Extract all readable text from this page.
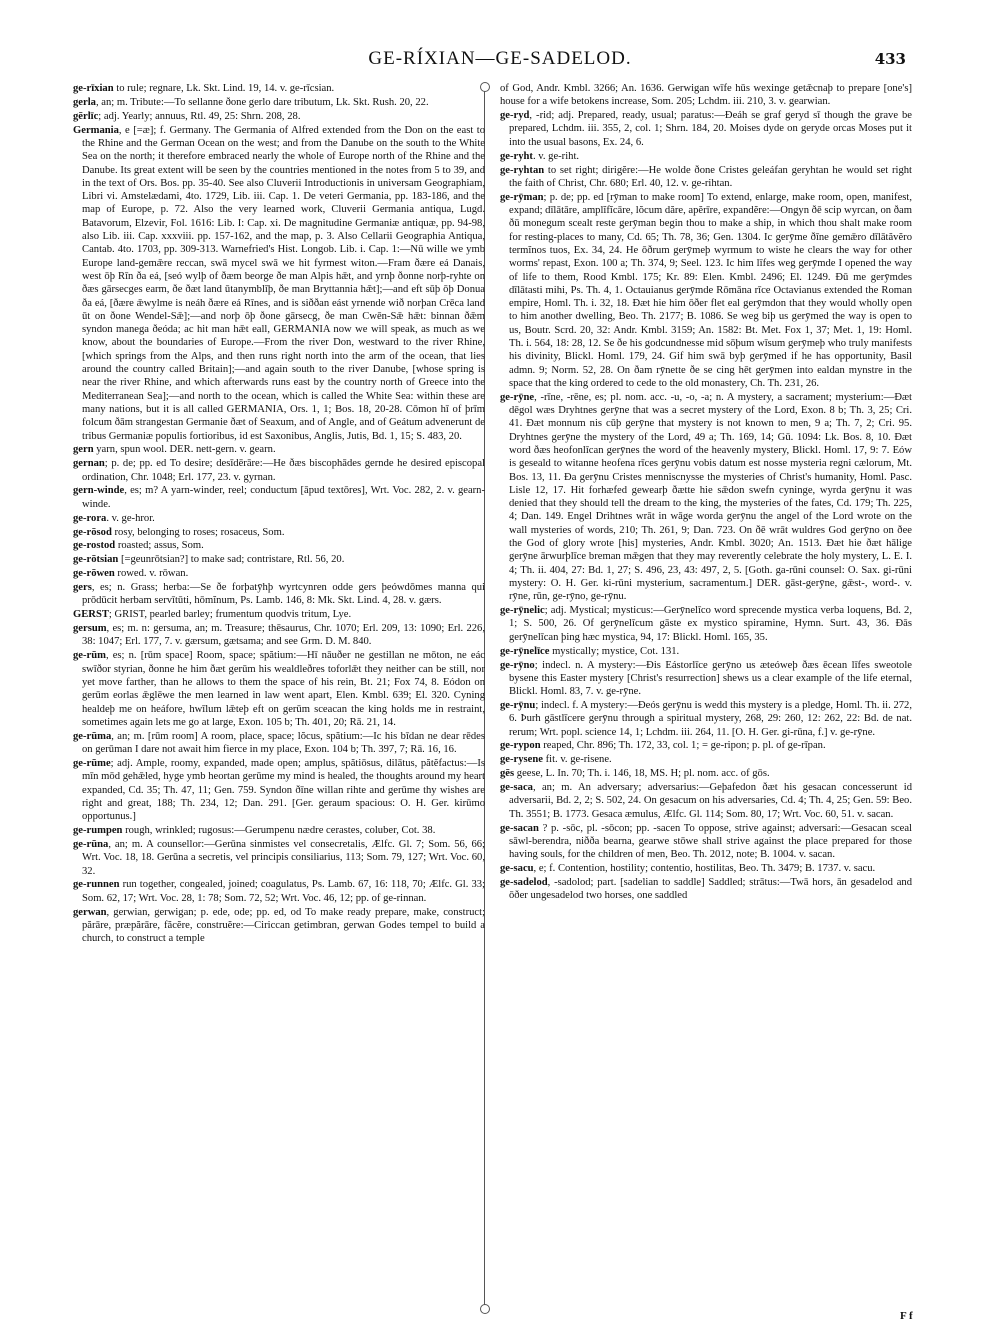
GE-RÍXIAN—GE-SADELOD.	433

ge-rīxian to rule; regnare, Lk. Skt. Lind. 19, 14. v. ge-rīcsian.

gerla, an; m. Tribute:—To sellanne ðone gerlo dare tributum, Lk. Skt. Rush. 20, 22.

gērlīc; adj. Yearly; annuus, Rtl. 49, 25: Shrn. 208, 28.

Germania, e [=æ]; f. Germany. The Germania of Alfred extended from the Don on the east to the Rhine and the German Ocean on the west; and from the Danube on the south to the White Sea on the north; it therefore embraced nearly the whole of Europe north of the Rhine and the Danube. Its great extent will be seen by the countries mentioned in the notes from 5 to 39, and in the text of Ors. Bos. pp. 35-40. See also Cluverii Introductionis in universam Geographiam, Libri vi. Amstelædami, 4to. 1729, Lib. iii. Cap. 1. De veteri Germania, pp. 183-186, and the map of Europe, p. 72. Also the very learned work, Cluverii Germania antiqua, Lugd. Batavorum, Elzevir, Fol. 1616: Lib. I: Cap. xi. De magnitudine Germaniæ antiquæ, pp. 94-98, also Lib. iii. Cap. xxxviii. pp. 157-162, and the map, p. 3. Also Cellarii Geographia Antiqua, Cantab. 4to. 1703, pp. 309-313. Warnefried's Hist. Longob. Lib. i. Cap. 1:—Nū wille we ymb Europe land-gemǣre reccan, swā mycel swā we hit fyrmest witon.—Fram ðære eá Danais, west ōþ Rīn ða eá, [seó wylþ of ðæm beorge ðe man Alpis hǣt, and yrnþ ðonne norþ-ryhte on ðæs gārsecges earm, ðe ðæt land ūtanymblīþ, ðe man Bryttannia hǣt];—and eft sūþ ōþ Donua ða eá, [ðære ǣwylme is neáh ðære eá Rīnes, and is siððan eást yrnende wið norþan Crēca land ūt on ðone Wendel-Sǣ];—and norþ ōþ ðone gārsecg, ðe man Cwēn-Sǣ hǣt: binnan ðǣm syndon manega ðeóda; ac hit man hǣt eall, GERMANIA now we will speak, as much as we know, about the boundaries of Europe.—From the river Don, westward to the river Rhine, [which springs from the Alps, and then runs right north into the arm of the ocean, that lies around the country called Britain];—and again south to the river Danube, [whose spring is near the river Rhine, and which afterwards runs east by the country north of Greece into the Mediterranean Sea];—and north to the ocean, which is called the White Sea: within these are many nations, but it is all called GERMANIA, Ors. 1, 1; Bos. 18, 20-28. Cōmon hī of þrīm folcum ðām strangestan Germanie ðæt of Seaxum, and of Angle, and of Geátum advenerunt de tribus Germaniæ populis fortioribus, id est Saxonibus, Anglis, Jutis, Bd. 1, 15; S. 483, 20.

gern yarn, spun wool. DER. nett-gern. v. gearn.

gernan; p. de; pp. ed To desire; desīdērāre:—He ðæs biscophādes gernde he desired episcopal ordination, Chr. 1048; Erl. 177, 23. v. gyrnan.

gern-winde, es; m? A yarn-winder, reel; conductum [āpud textōres], Wrt. Voc. 282, 2. v. gearn-winde.

ge-rora. v. ge-hror.

ge-rōsod rosy, belonging to roses; rosaceus, Som.

ge-rostod roasted; assus, Som.

ge-rōtsian [=geunrōtsian?] to make sad; contristare, Rtl. 56, 20.

ge-rōwen rowed. v. rōwan.

gers, es; n. Grass; herba:—Se ðe forþatȳhþ wyrtcynren odde gers þeówdōmes manna qui prōdūcit herbam servītūti, hōmĭnum, Ps. Lamb. 146, 8: Mk. Skt. Lind. 4, 28. v. gærs.

GERST; GRIST, pearled barley; frumentum quodvis tritum, Lye.

gersum, es; m. n: gersuma, an; m. Treasure; thēsaurus, Chr. 1070; Erl. 209, 13: 1090; Erl. 226, 38: 1047; Erl. 177, 7. v. gærsum, gætsama; and see Grm. D. M. 840.

ge-rūm, es; n. [rūm space] Room, space; spătium:—Hī nāuðer ne gestillan ne mōton, ne eác swīðor styrian, ðonne he him ðæt gerūm his wealdleðres toforlǣt they neither can be still, nor yet move farther, than he allows to them the space of his rein, Bt. 21; Fox 74, 8. Eódon on gerūm eorlas ǣglēwe the men learned in law went apart, Elen. Kmbl. 639; El. 320. Cyning healdeþ me on heáfore, hwīlum lǣteþ eft on gerūm sceacan the king holds me in restraint, sometimes again lets me go at large, Exon. 105 b; Th. 401, 20; Rā. 21, 14.

ge-rūma, an; m. [rūm room] A room, place, space; lŏcus, spătium:—Ic his bīdan ne dear rēdes on gerūman I dare not await him fierce in my place, Exon. 104 b; Th. 397, 7; Rā. 16, 16.

ge-rūme; adj. Ample, roomy, expanded, made open; amplus, spătiōsus, dilātus, pătĕfactus:—Is mīn mōd gehǣled, hyge ymb heortan gerūme my mind is healed, the thoughts around my heart expanded, Cd. 35; Th. 47, 11; Gen. 759. Syndon ðīne willan rihte and gerūme thy wishes are right and great, 188; Th. 234, 12; Dan. 291. [Ger. geraum spacious: O. H. Ger. kirūmo opportunus.]

ge-rumpen rough, wrinkled; rugosus:—Gerumpenu nædre cerastes, coluber, Cot. 38.

ge-rūna, an; m. A counsellor:—Gerūna sinmistes vel consecretalis, Ælfc. Gl. 7; Som. 56, 66; Wrt. Voc. 18, 18. Gerūna a secretis, vel principis consiliarius, 113; Som. 79, 127; Wrt. Voc. 60, 32.

ge-runnen run together, congealed, joined; coagulatus, Ps. Lamb. 67, 16: 118, 70; Ælfc. Gl. 33; Som. 62, 17; Wrt. Voc. 28, 1: 78; Som. 72, 52; Wrt. Voc. 46, 12; pp. of ge-rinnan.

gerwan, gerwian, gerwigan; p. ede, ode; pp. ed, od To make ready prepare, make, construct; părāre, præpărāre, făcĕre, construĕre:—Ciriccan getimbran, gerwan Godes tempel to build a church, to construct a temple

of God, Andr. Kmbl. 3266; An. 1636. Gerwigan wīfe hūs wexinge getǣcnaþ to prepare [one's] house for a wife betokens increase, Som. 205; Lchdm. iii. 210, 3. v. gearwian.

ge-ryd, -rid; adj. Prepared, ready, usual; paratus:—Ðeáh se graf geryd sī though the grave be prepared, Lchdm. iii. 355, 2, col. 1; Shrn. 184, 20. Moises dyde on geryde orcas Moses put it into the usual basons, Ex. 24, 6.

ge-ryht. v. ge-riht.

ge-ryhtan to set right; dirigĕre:—He wolde ðone Cristes geleáfan geryhtan he would set right the faith of Christ, Chr. 680; Erl. 40, 12. v. ge-rihtan.

ge-rȳman; p. de; pp. ed [rȳman to make room] To extend, enlarge, make room, open, manifest, expand; dīlātāre, amplĭfĭcāre, lŏcum dăre, apĕrīre, expandĕre:—Ongyn ðē scip wyrcan, on ðam ðū monegum scealt reste gerȳman begin thou to make a ship, in which thou shalt make room for resting-places to many, Cd. 65; Th. 78, 36; Gen. 1304. Ic gerȳme ðīne gemǣro dīlātăvĕro termĭnos tuos, Ex. 34, 24. He ōðrum gerȳmeþ wyrmum to wiste he clears the way for other worms' repast, Exon. 100 a; Th. 374, 9; Seel. 123. Ic him līfes weg gerȳmde I opened the way of life to them, Rood Kmbl. 175; Kr. 89: Elen. Kmbl. 2496; El. 1249. Ðū me gerȳmdes dīlātasti mihi, Ps. Th. 4, 1. Octauianus gerȳmde Rōmāna rīce Octavianus extended the Roman empire, Homl. Th. i. 32, 18. Ðæt hie him ōðer flet eal gerȳmdon that they would wholly open to him another dwelling, Beo. Th. 2177; B. 1086. Se weg biþ us gerȳmed the way is open to us, Boutr. Scrd. 20, 32: Andr. Kmbl. 3159; An. 1582: Bt. Met. Fox 1, 37; Met. 1, 19: Homl. Th. i. 564, 18: 28, 12. Se ðe his godcundnesse mid sōþum wīsum gerȳmeþ who truly manifests his divinity, Blickl. Homl. 179, 24. Gif him swā byþ gerȳmed if he has opportunity, Basil admn. 9; Norm. 52, 28. On ðam rȳnette ðe se cing hēt gerȳmen into ealdan mynstre in the space that the king ordered to cede to the old monastery, Ch. Th. 231, 26.

ge-rȳne, -rīne, -rēne, es; pl. nom. acc. -u, -o, -a; n. A mystery, a sacrament; mysterium:—Ðæt dēgol wæs Dryhtnes gerȳne that was a secret mystery of the Lord, Exon. 8 b; Th. 3, 25; Cri. 41. Ðæt monnum nis cūþ gerȳne that mystery is not known to men, 9 a; Th. 7, 2; Cri. 95. Dryhtnes gerȳne the mystery of the Lord, 49 a; Th. 169, 14; Gū. 1094: Lk. Bos. 8, 10. Ðæt word ðæs heofonlīcan gerȳnes the word of the heavenly mystery, Blickl. Homl. 17, 9: 7. Eów is geseald to witanne heofena rīces gerȳnu vobis datum est nosse mysteria regni cælorum, Mt. Bos. 13, 11. Ða gerȳnu Cristes menniscnysse the mysteries of Christ's humanity, Homl. Pasc. Lisle 12, 17. Hit forhæfed gewearþ ðætte hie sǣdon swefn cyninge, wyrda gerȳnu it was denied that they should tell the dream to the king, the mysteries of the fates, Cd. 179; Th. 225, 4; Dan. 149. Engel Drihtnes wrāt in wāge worda gerȳnu the angel of the Lord wrote on the wall mysteries of words, 210; Th. 261, 9; Dan. 723. On ðē wrāt wuldres God gerȳno on ðee the God of glory wrote [his] mysteries, Andr. Kmbl. 3020; An. 1513. Ðæt hie ðæt hālige gerȳne ārwurþlīce breman mǣgen that they may reverently celebrate the holy mystery, L. E. I. 4; Th. ii. 404, 27: Bd. 1, 27; S. 496, 23, 43: 497, 2, 5. [Goth. ga-rūni counsel: O. Sax. gi-rūni mystery: O. H. Ger. ki-rūni mysterium, sacramentum.] DER. gāst-gerȳne, gǣst-, word-. v. rȳne, rūn, ge-rȳno, ge-rȳnu.

ge-rȳnelic; adj. Mystical; mysticus:—Gerȳnelīco word sprecende mystica verba loquens, Bd. 2, 1; S. 500, 26. Of gerȳnelīcum gāste ex mystico spiramine, Hymn. Surt. 43, 36. Ðās gerȳnelīcan þing hæc mystica, 94, 17: Blickl. Homl. 165, 35.

ge-rȳnelīce mystically; mystice, Cot. 131.

ge-rȳno; indecl. n. A mystery:—Ðis Eástorlīce gerȳno us æteóweþ ðæs ēcean līfes sweotole bysene this Easter mystery [Christ's resurrection] shews us a clear example of the life eternal, Blickl. Homl. 83, 7. v. ge-rȳne.

ge-rȳnu; indecl. f. A mystery:—Ðeós gerȳnu is wedd this mystery is a pledge, Homl. Th. ii. 272, 6. Þurh gāstlīcere gerȳnu through a spiritual mystery, 268, 29: 260, 12: 262, 22: Bd. de nat. rerum; Wrt. popl. science 14, 1; Lchdm. iii. 264, 11. [O. H. Ger. gi-rūna, f.] v. ge-rȳne.

ge-rypon reaped, Chr. 896; Th. 172, 33, col. 1; = ge-ripon; p. pl. of ge-rīpan.

ge-rysene fit. v. ge-risene.

gēs geese, L. In. 70; Th. i. 146, 18, MS. H; pl. nom. acc. of gōs.

ge-saca, an; m. An adversary; adversarius:—Geþafedon ðæt his gesacan concesserunt id adversarii, Bd. 2, 2; S. 502, 24. On gesacum on his adversaries, Cd. 4; Th. 4, 25; Gen. 59: Beo. Th. 3551; B. 1773. Gesaca æmulus, Ælfc. Gl. 114; Som. 80, 17; Wrt. Voc. 60, 51. v. sacan.

ge-sacan ? p. -sōc, pl. -sōcon; pp. -sacen To oppose, strive against; adversari:—Gesacan sceal sāwl-berendra, niðða bearna, gearwe stōwe shall strive against the place prepared for those having souls, for the children of men, Beo. Th. 2012, note; B. 1004. v. sacan.

ge-sacu, e; f. Contention, hostility; contentio, hostilitas, Beo. Th. 3479; B. 1737. v. sacu.

ge-sadelod, -sadolod; part. [sadelian to saddle] Saddled; strātus:—Twā hors, ān gesadelod and ōðer ungesadelod two horses, one saddled

F f
